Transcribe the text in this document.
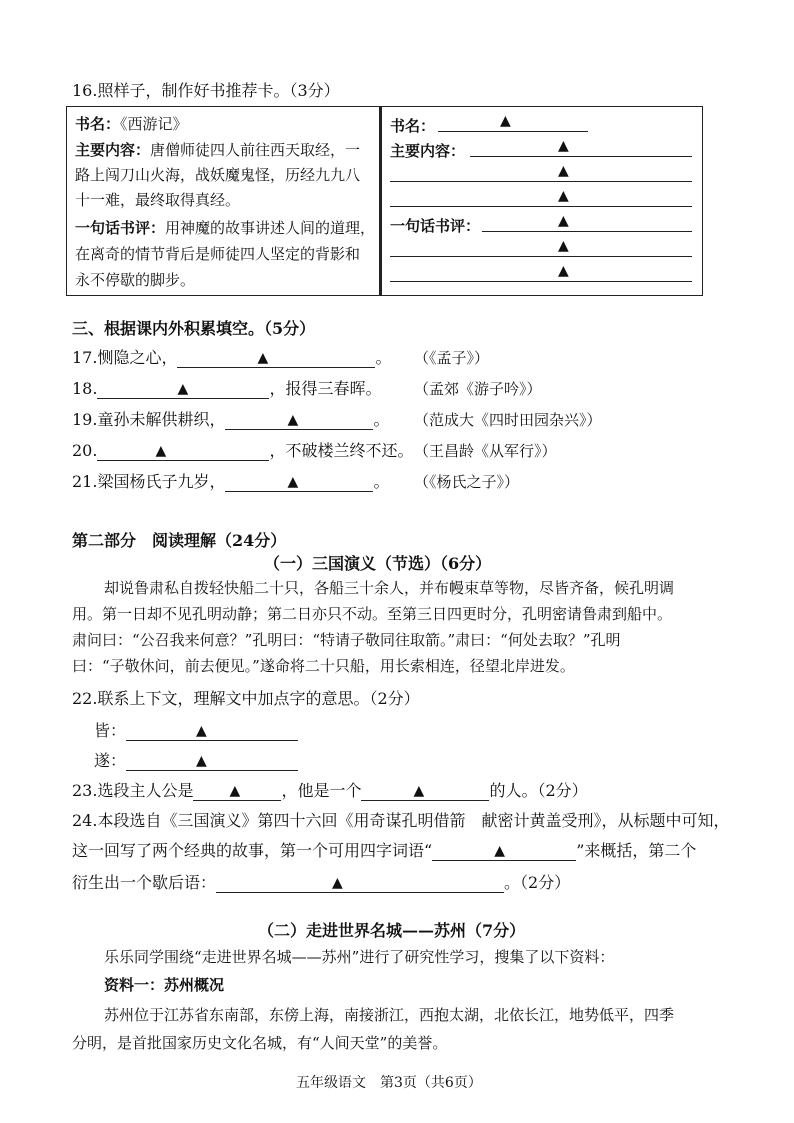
16.照样子，制作好书推荐卡。（3分）
书名：《西游记》
主要内容：唐僧师徒四人前往西天取经，一
路上闯刀山火海，战妖魔鬼怪，历经九九八
十一难，最终取得真经。
一句话书评：用神魔的故事讲述人间的道理，
在离奇的情节背后是师徒四人坚定的背影和
永不停歇的脚步。
书名：	▲
主要内容：	▲
▲
▲
一句话书评：	▲
▲
▲
三、根据课内外积累填空。（5分）
17.恻隐之心，	▲	。 （《孟子》）
18.	▲	，报得三春晖。 （孟郊《游子吟》）
19.童孙未解供耕织，	▲	。 （范成大《四时田园杂兴》）
20.	▲	，不破楼兰终不还。 （王昌龄《从军行》）
21.梁国杨氏子九岁，	▲	。 （《杨氏之子》）
第二部分　阅读理解（24分）
（一）三国演义（节选）（6分）
却说鲁肃私自拨轻快船二十只，各船三十余人，并布幔束草等物，尽皆齐备，候孔明调
用。第一日却不见孔明动静；第二日亦只不动。至第三日四更时分，孔明密请鲁肃到船中。
肃问曰：“公召我来何意？”孔明曰：“特请子敬同往取箭。”肃曰：“何处去取？”孔明
曰：“子敬休问，前去便见。”遂命将二十只船，用长索相连，径望北岸进发。
22.联系上下文，理解文中加点字的意思。（2分）
皆：	▲
遂：	▲
23.选段主人公是	▲	，他是一个	▲	的人。（2分）
24.本段选自《三国演义》第四十六回《用奇谋孔明借箭　献密计黄盖受刑》，从标题中可知，
这一回写了两个经典的故事，第一个可用四字词语“	▲	”来概括，第二个
衍生出一个歇后语：	▲	。（2分）
（二）走进世界名城——苏州（7分）
乐乐同学围绕“走进世界名城——苏州”进行了研究性学习，搜集了以下资料：
资料一：苏州概况
苏州位于江苏省东南部，东傍上海，南接浙江，西抱太湖，北依长江，地势低平，四季
分明，是首批国家历史文化名城，有“人间天堂”的美誉。
五年级语文　第3页（共6页）
